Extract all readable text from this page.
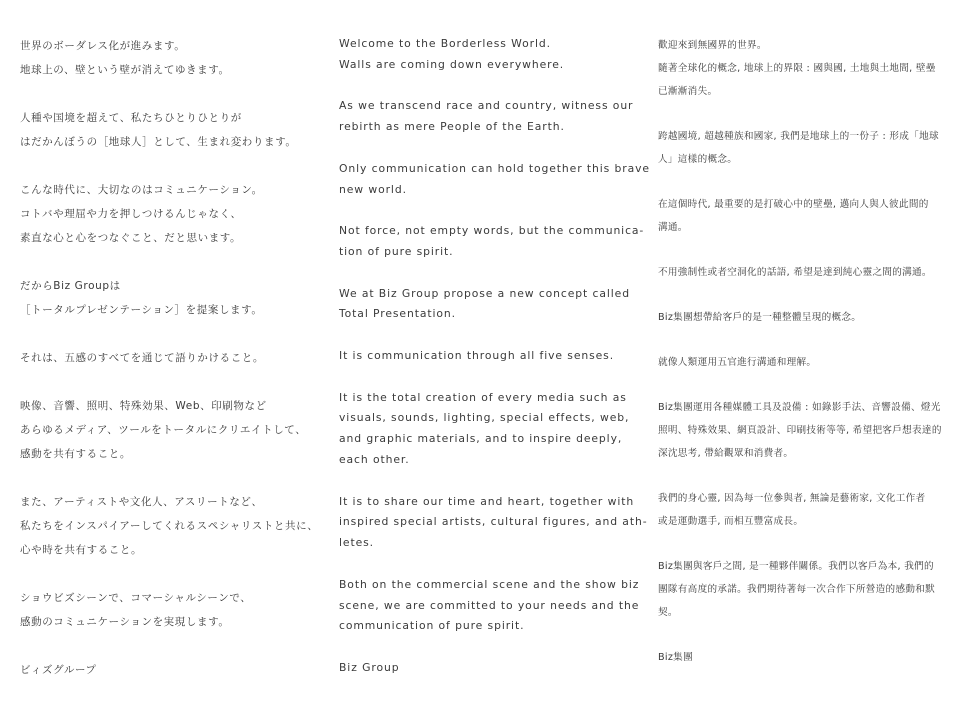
世界のボーダレス化が進みます。
地球上の、壁という壁が消えてゆきます。

人種や国境を超えて、私たちひとりひとりが
はだかんぼうの［地球人］として、生まれ変わります。

こんな時代に、大切なのはコミュニケーション。
コトバや理屈や力を押しつけるんじゃなく、
素直な心と心をつなぐこと、だと思います。

だからBiz Groupは
［トータルプレゼンテーション］を提案します。

それは、五感のすべてを通じて語りかけること。

映像、音響、照明、特殊効果、Web、印刷物など
あらゆるメディア、ツールをトータルにクリエイトして、
感動を共有すること。

また、アーティストや文化人、アスリートなど、
私たちをインスパイアーしてくれるスペシャリストと共に、
心や時を共有すること。

ショウビズシーンで、コマーシャルシーンで、
感動のコミュニケーションを実現します。

ビィズグループ

Welcome to the Borderless World.
Walls are coming down everywhere.

As we transcend race and country, witness our
rebirth as mere People of the Earth.

Only communication can hold together this brave
new world.

Not force, not empty words, but the communica-
tion of pure spirit.

We at Biz Group propose a new concept called
Total Presentation.

It is communication through all five senses.

It is the total creation of every media such as
visuals, sounds, lighting, special effects, web,
and graphic materials, and to inspire deeply,
each other.

It is to share our time and heart, together with
inspired special artists, cultural figures, and ath-
letes.

Both on the commercial scene and the show biz
scene, we are committed to your needs and the
communication of pure spirit.

Biz Group

歡迎來到無國界的世界。
隨著全球化的概念, 地球上的界限 : 國與國, 土地與土地間, 壁壘
已漸漸消失。

跨越國境, 超越種族和國家, 我們是地球上的一份子 : 形成「地球
人」這樣的概念。

在這個時代, 最重要的是打破心中的壁壘, 邁向人與人彼此間的
溝通。

不用強制性或者空洞化的話語, 希望是達到純心靈之間的溝通。

Biz集團想帶給客戶的是一種整體呈現的概念。

就像人類運用五官進行溝通和理解。

Biz集團運用各種媒體工具及設備 : 如錄影手法、音響設備、燈光
照明、特殊效果、網頁設計、印刷技術等等, 希望把客戶想表達的
深沈思考, 帶給觀眾和消費者。

我們的身心靈, 因為每一位參與者, 無論是藝術家, 文化工作者
或是運動選手, 而相互豐富成長。

Biz集團與客戶之間, 是一種夥伴關係。我們以客戶為本, 我們的
團隊有高度的承諾。我們期待著每一次合作下所營造的感動和默
契。

Biz集團
